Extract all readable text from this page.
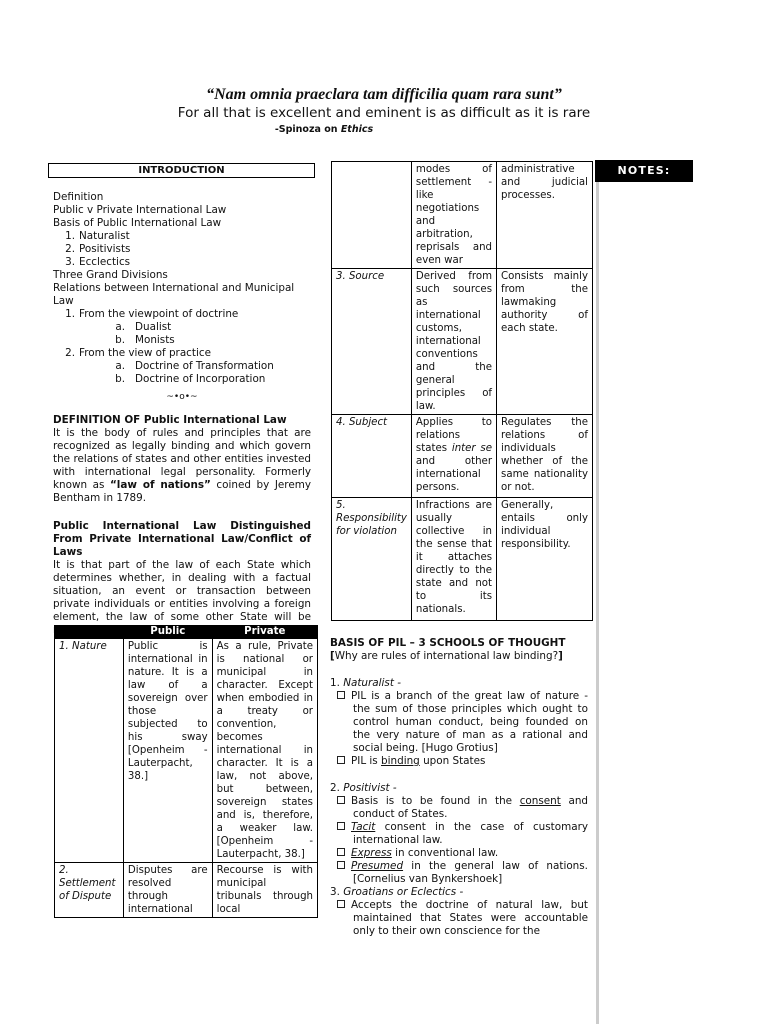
“Nam omnia praeclara tam difficilia quam rara sunt”
For all that is excellent and eminent is as difficult as it is rare
-Spinoza on Ethics
NOTES:
INTRODUCTION

Definition

Public v Private International Law

Basis of Public International Law

1. Naturalist

2. Positivists

3. Ecclectics

Three Grand Divisions

Relations between International and Municipal Law

1. From the viewpoint of doctrine

a. Dualist

b. Monists

2. From the view of practice

a. Doctrine of Transformation

b. Doctrine of Incorporation

~•o•~

DEFINITION OF Public International Law

It is the body of rules and principles that are recognized as legally binding and which govern the relations of states and other entities invested with international legal personality. Formerly known as “law of nations” coined by Jeremy Bentham in 1789.

Public International Law Distinguished From Private International Law/Conflict of Laws

It is that part of the law of each State which determines whether, in dealing with a factual situation, an event or transaction between private individuals or entities involving a foreign element, the law of some other State will be

	Public	Private
1. Nature	Public is international in nature. It is a law of a sovereign over those subjected to his sway [Openheim - Lauterpacht, 38.]	As a rule, Private is national or municipal in character. Except when embodied in a treaty or convention, becomes international in character. It is a law, not above, but between, sovereign states and is, therefore, a weaker law. [Openheim - Lauterpacht, 38.]
2. Settlement of Dispute	Disputes are resolved through international	Recourse is with municipal tribunals through local
	modes of settlement - like negotiations and arbitration, reprisals and even war	administrative and judicial processes.
3. Source	Derived from such sources as international customs, international conventions and the general principles of law.	Consists mainly from the lawmaking authority of each state.
4. Subject	Applies to relations states inter se and other international persons.	Regulates the relations of individuals whether of the same nationality or not.
5. Responsibility for violation	Infractions are usually collective in the sense that it attaches directly to the state and not to its nationals.	Generally, entails only individual responsibility.

BASIS OF PIL – 3 SCHOOLS OF THOUGHT [Why are rules of international law binding?]

1. Naturalist -

PIL is a branch of the great law of nature - the sum of those principles which ought to control human conduct, being founded on the very nature of man as a rational and social being. [Hugo Grotius]

PIL is binding upon States

2. Positivist -

Basis is to be found in the consent and conduct of States.

Tacit consent in the case of customary international law.

Express in conventional law.

Presumed in the general law of nations. [Cornelius van Bynkershoek]

3. Groatians or Eclectics -

Accepts the doctrine of natural law, but maintained that States were accountable only to their own conscience for the
